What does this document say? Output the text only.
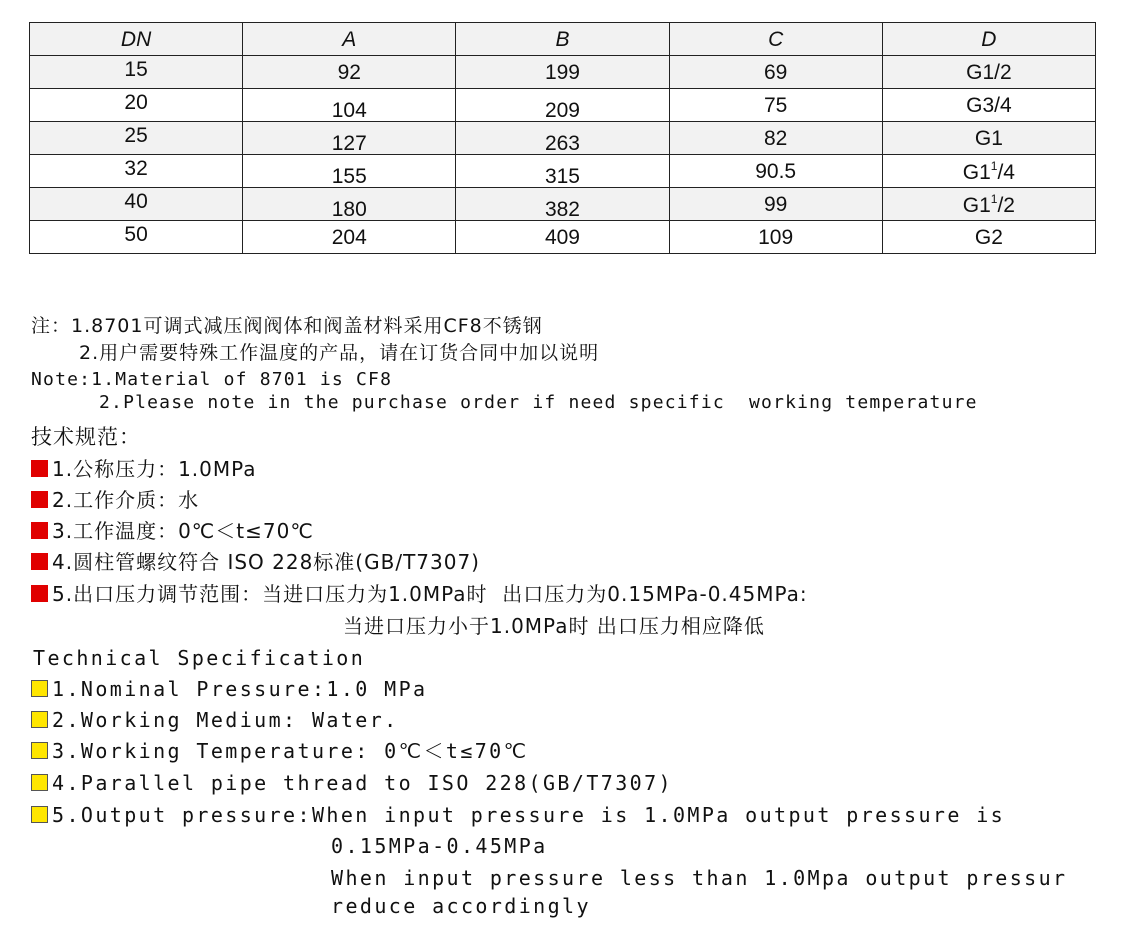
DN	A	B	C	D
15	92	199	69	G1/2
20	104	209	75	G3/4
25	127	263	82	G1
32	155	315	90.5	$G1^1/4$
40	180	382	99	$G1^1/2$
50	204	409	109	G2
注：1.8701可调式减压阀阀体和阀盖材料采用CF8不锈钢
2.用户需要特殊工作温度的产品，请在订货合同中加以说明
Note:1.Material of 8701 is CF8
2.Please note in the purchase order if need specific  working temperature
技术规范：
1.公称压力：1.0MPa
2.工作介质：水
3.工作温度：0℃＜t≤70℃
4.圆柱管螺纹符合 ISO 228标准(GB/T7307)
5.出口压力调节范围：当进口压力为1.0MPa时  出口压力为0.15MPa-0.45MPa:
当进口压力小于1.0MPa时 出口压力相应降低
Technical Specification
1.Nominal Pressure:1.0 MPa
2.Working Medium: Water.
3.Working Temperature: 0℃＜t≤70℃
4.Parallel pipe thread to ISO 228(GB/T7307)
5.Output pressure:When input pressure is 1.0MPa output pressure is
0.15MPa-0.45MPa
When input pressure less than 1.0Mpa output pressur
reduce accordingly
